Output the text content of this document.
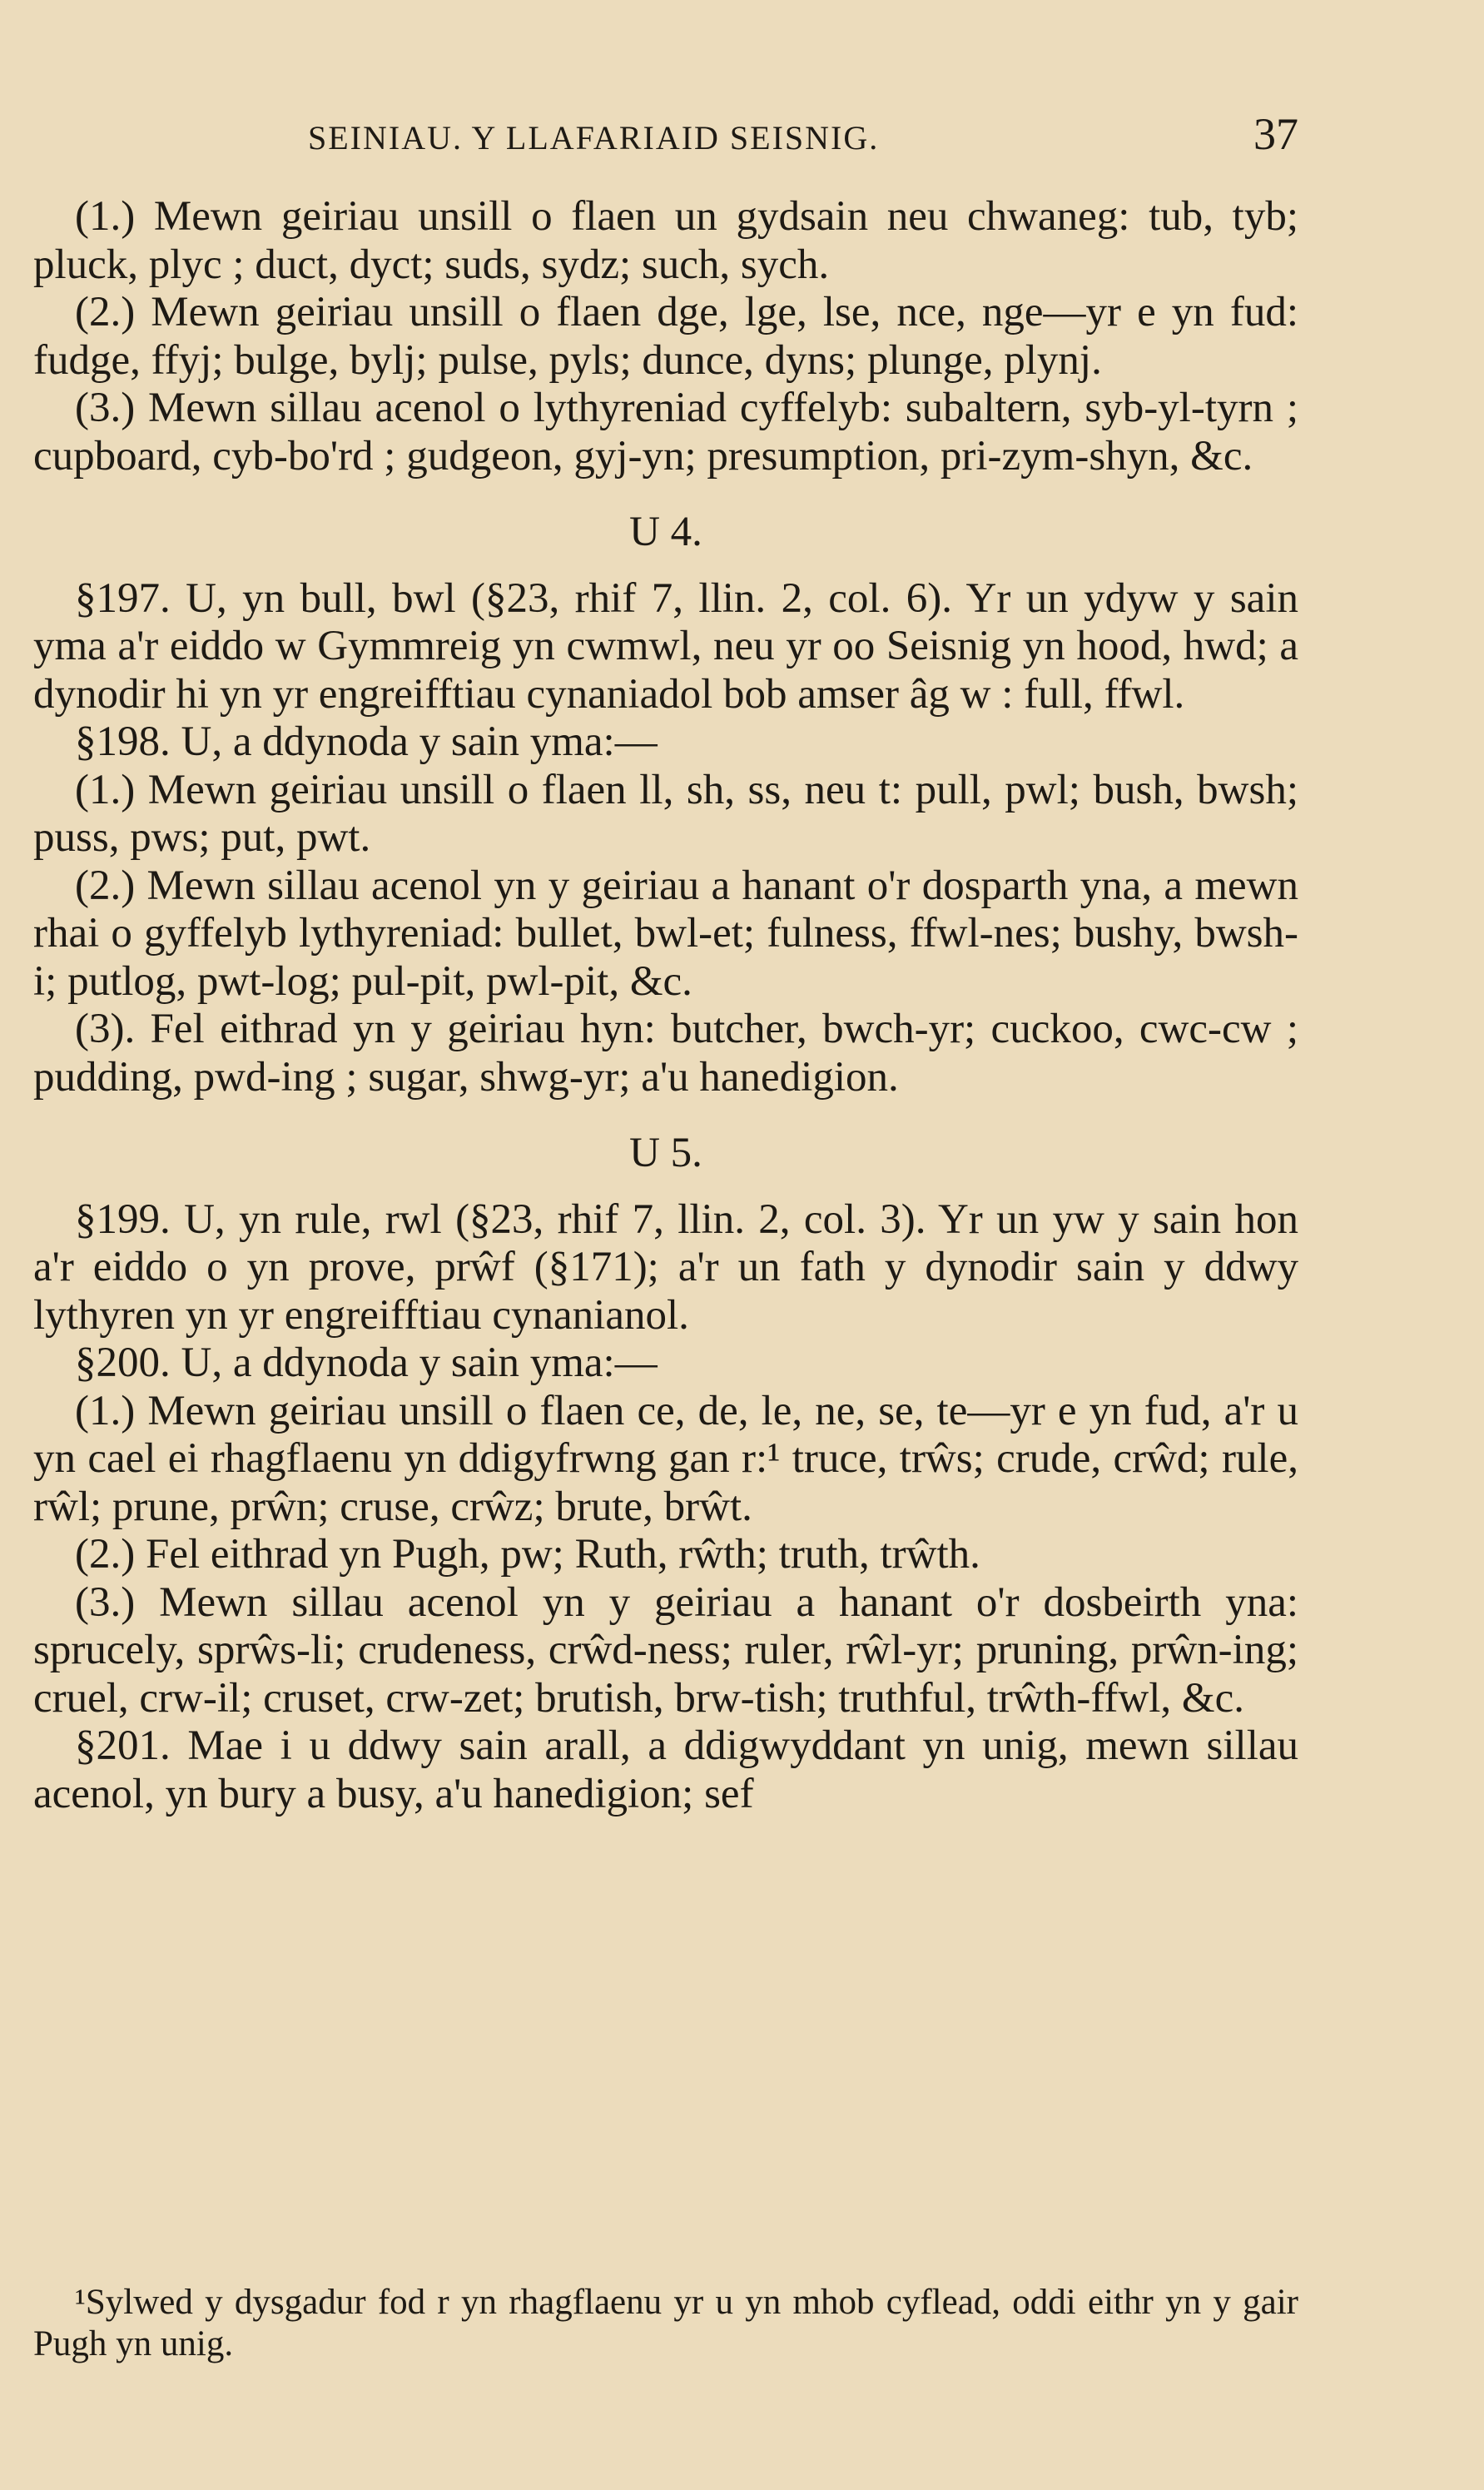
SEINIAU. Y LLAFARIAID SEISNIG.	37

(1.) Mewn geiriau unsill o flaen un gydsain neu chwaneg: tub, tyb; pluck, plyc ; duct, dyct; suds, sydz; such, sych.

(2.) Mewn geiriau unsill o flaen dge, lge, lse, nce, nge—yr e yn fud: fudge, ffyj; bulge, bylj; pulse, pyls; dunce, dyns; plunge, plynj.

(3.) Mewn sillau acenol o lythyreniad cyffelyb: subaltern, syb-yl-tyrn ; cupboard, cyb-bo'rd ; gudgeon, gyj-yn; presumption, pri-zym-shyn, &c.

U 4.

§197. U, yn bull, bwl (§23, rhif 7, llin. 2, col. 6). Yr un ydyw y sain yma a'r eiddo w Gymmreig yn cwmwl, neu yr oo Seisnig yn hood, hwd; a dynodir hi yn yr engreifftiau cynaniadol bob amser âg w : full, ffwl.

§198. U, a ddynoda y sain yma:—

(1.) Mewn geiriau unsill o flaen ll, sh, ss, neu t: pull, pwl; bush, bwsh; puss, pws; put, pwt.

(2.) Mewn sillau acenol yn y geiriau a hanant o'r dosparth yna, a mewn rhai o gyffelyb lythyreniad: bullet, bwl-et; fulness, ffwl-nes; bushy, bwsh-i; putlog, pwt-log; pul-pit, pwl-pit, &c.

(3). Fel eithrad yn y geiriau hyn: butcher, bwch-yr; cuckoo, cwc-cw ; pudding, pwd-ing ; sugar, shwg-yr; a'u hanedigion.

U 5.

§199. U, yn rule, rwl (§23, rhif 7, llin. 2, col. 3). Yr un yw y sain hon a'r eiddo o yn prove, prŵf (§171); a'r un fath y dynodir sain y ddwy lythyren yn yr engreifftiau cynanianol.

§200. U, a ddynoda y sain yma:—

(1.) Mewn geiriau unsill o flaen ce, de, le, ne, se, te—yr e yn fud, a'r u yn cael ei rhagflaenu yn ddigyfrwng gan r:¹ truce, trŵs; crude, crŵd; rule, rŵl; prune, prŵn; cruse, crŵz; brute, brŵt.

(2.) Fel eithrad yn Pugh, pw; Ruth, rŵth; truth, trŵth.

(3.) Mewn sillau acenol yn y geiriau a hanant o'r dosbeirth yna: sprucely, sprŵs-li; crudeness, crŵd-ness; ruler, rŵl-yr; pruning, prŵn-ing; cruel, crw-il; cruset, crw-zet; brutish, brw-tish; truthful, trŵth-ffwl, &c.

§201. Mae i u ddwy sain arall, a ddigwyddant yn unig, mewn sillau acenol, yn bury a busy, a'u hanedigion; sef

¹Sylwed y dysgadur fod r yn rhagflaenu yr u yn mhob cyflead, oddi eithr yn y gair Pugh yn unig.
